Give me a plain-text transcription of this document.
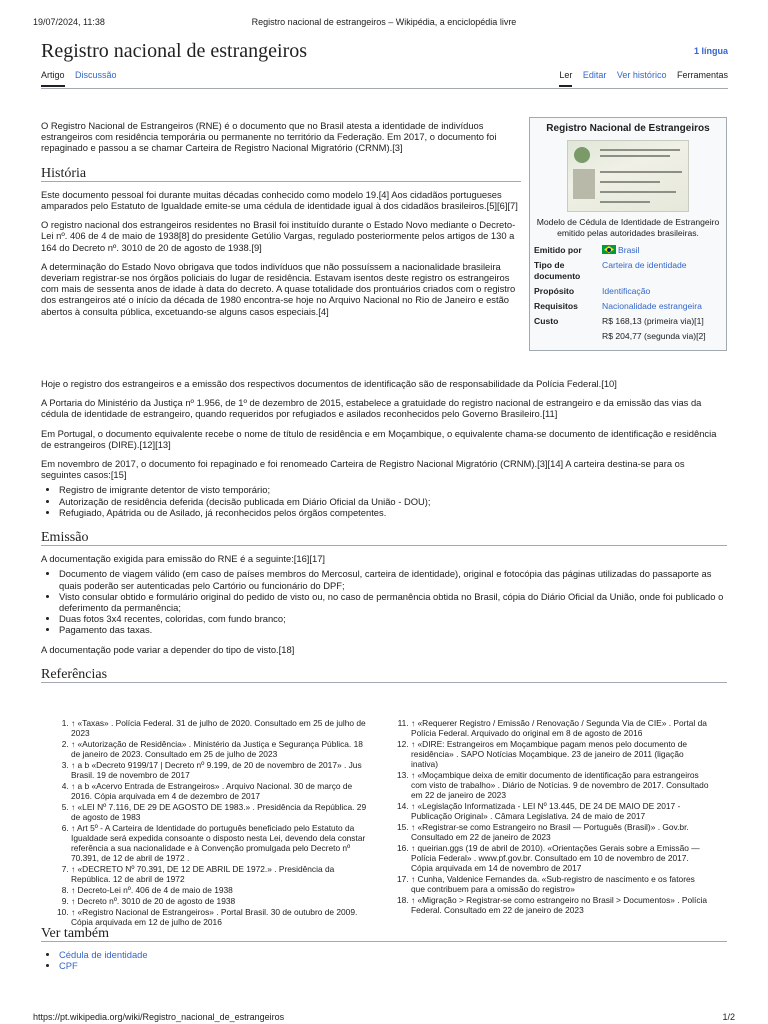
19/07/2024, 11:38	Registro nacional de estrangeiros – Wikipédia, a enciclopédia livre
Registro nacional de estrangeiros	1 língua
Artigo Discussão	Ler Editar Ver histórico Ferramentas
Registro Nacional de Estrangeiros
Modelo de Cédula de Identidade de Estrangeiro emitido pelas autoridades brasileiras.
Emitido por	Brasil
Tipo de documento	Carteira de identidade
Propósito	Identificação
Requisitos	Nacionalidade estrangeira
Custo	R$ 168,13 (primeira via)[1]
	R$ 204,77 (segunda via)[2]

O Registro Nacional de Estrangeiros (RNE) é o documento que no Brasil atesta a identidade de indivíduos estrangeiros com residência temporária ou permanente no território da Federação. Em 2017, o documento foi repaginado e passou a se chamar Carteira de Registro Nacional Migratório (CRNM).[3]

História

Este documento pessoal foi durante muitas décadas conhecido como modelo 19.[4] Aos cidadãos portugueses amparados pelo Estatuto de Igualdade emite-se uma cédula de identidade igual à dos cidadãos brasileiros.[5][6][7]

O registro nacional dos estrangeiros residentes no Brasil foi instituído durante o Estado Novo mediante o Decreto-Lei nº. 406 de 4 de maio de 1938[8] do presidente Getúlio Vargas, regulado posteriormente pelos artigos de 130 a 164 do Decreto nº. 3010 de 20 de agosto de 1938.[9]

A determinação do Estado Novo obrigava que todos indivíduos que não possuíssem a nacionalidade brasileira deveriam registrar-se nos órgãos policiais do lugar de residência. Estavam isentos deste registro os estrangeiros com mais de sessenta anos de idade à data do decreto. A quase totalidade dos prontuários criados com o registro dos estrangeiros até o início da década de 1980 encontra-se hoje no Arquivo Nacional no Rio de Janeiro e estão abertos à consulta pública, excetuando-se alguns casos especiais.[4]

Hoje o registro dos estrangeiros e a emissão dos respectivos documentos de identificação são de responsabilidade da Polícia Federal.[10]

A Portaria do Ministério da Justiça nº 1.956, de 1º de dezembro de 2015, estabelece a gratuidade do registro nacional de estrangeiro e da emissão das vias da cédula de identidade de estrangeiro, quando requeridos por refugiados e asilados reconhecidos pelo Governo Brasileiro.[11]

Em Portugal, o documento equivalente recebe o nome de título de residência e em Moçambique, o equivalente chama-se documento de identificação e residência de estrangeiros (DIRE).[12][13]

Em novembro de 2017, o documento foi repaginado e foi renomeado Carteira de Registro Nacional Migratório (CRNM).[3][14] A carteira destina-se para os seguintes casos:[15]

• Registro de imigrante detentor de visto temporário;
• Autorização de residência deferida (decisão publicada em Diário Oficial da União - DOU);
• Refugiado, Apátrida ou de Asilado, já reconhecidos pelos órgãos competentes.
Emissão

A documentação exigida para emissão do RNE é a seguinte:[16][17]

• Documento de viagem válido (em caso de países membros do Mercosul, carteira de identidade), original e fotocópia das páginas utilizadas do passaporte as quais poderão ser autenticadas pelo Cartório ou funcionário do DPF;
• Visto consular obtido e formulário original do pedido de visto ou, no caso de permanência obtida no Brasil, cópia do Diário Oficial da União, onde foi publicado o deferimento da permanência;
• Duas fotos 3x4 recentes, coloridas, com fundo branco;
• Pagamento das taxas.

A documentação pode variar a depender do tipo de visto.[18]

Referências
1. ↑ «Taxas» . Polícia Federal. 31 de julho de 2020. Consultado em 25 de julho de 2023
2. ↑ «Autorização de Residência» . Ministério da Justiça e Segurança Pública. 18 de janeiro de 2023. Consultado em 25 de julho de 2023
3. ↑ a b «Decreto 9199/17 | Decreto nº 9.199, de 20 de novembro de 2017» . Jus Brasil. 19 de novembro de 2017
4. ↑ a b «Acervo Entrada de Estrangeiros» . Arquivo Nacional. 30 de março de 2016. Cópia arquivada em 4 de dezembro de 2017
5. ↑ «LEI Nº 7.116, DE 29 DE AGOSTO DE 1983.» . Presidência da República. 29 de agosto de 1983
6. ↑ Art 5º - A Carteira de Identidade do português beneficiado pelo Estatuto da Igualdade será expedida consoante o disposto nesta Lei, devendo dela constar referência a sua nacionalidade e à Convenção promulgada pelo Decreto nº 70.391, de 12 de abril de 1972 .
7. ↑ «DECRETO Nº 70.391, DE 12 DE ABRIL DE 1972.» . Presidência da República. 12 de abril de 1972
8. ↑ Decreto-Lei nº. 406 de 4 de maio de 1938
9. ↑ Decreto nº. 3010 de 20 de agosto de 1938
10. ↑ «Registro Nacional de Estrangeiros» . Portal Brasil. 30 de outubro de 2009. Cópia arquivada em 12 de julho de 2016
11. ↑ «Requerer Registro / Emissão / Renovação / Segunda Via de CIE» . Portal da Polícia Federal. Arquivado do original em 8 de agosto de 2016
12. ↑ «DIRE: Estrangeiros em Moçambique pagam menos pelo documento de residência» . SAPO Notícias Moçambique. 23 de janeiro de 2011 (ligação inativa)
13. ↑ «Moçambique deixa de emitir documento de identificação para estrangeiros com visto de trabalho» . Diário de Notícias. 9 de novembro de 2017. Consultado em 22 de janeiro de 2023
14. ↑ «Legislação Informatizada - LEI Nº 13.445, DE 24 DE MAIO DE 2017 - Publicação Original» . Câmara Legislativa. 24 de maio de 2017
15. ↑ «Registrar-se como Estrangeiro no Brasil — Português (Brasil)» . Gov.br. Consultado em 22 de janeiro de 2023
16. ↑ queirian.ggs (19 de abril de 2010). «Orientações Gerais sobre a Emissão — Polícia Federal» . www.pf.gov.br. Consultado em 10 de novembro de 2017. Cópia arquivada em 14 de novembro de 2017
17. ↑ Cunha, Valdenice Fernandes da. «Sub-registro de nascimento e os fatores que contribuem para a omissão do registro»
18. ↑ «Migração > Registrar-se como estrangeiro no Brasil > Documentos» . Polícia Federal. Consultado em 22 de janeiro de 2023
Ver também
• Cédula de identidade
• CPF
https://pt.wikipedia.org/wiki/Registro_nacional_de_estrangeiros	1/2
